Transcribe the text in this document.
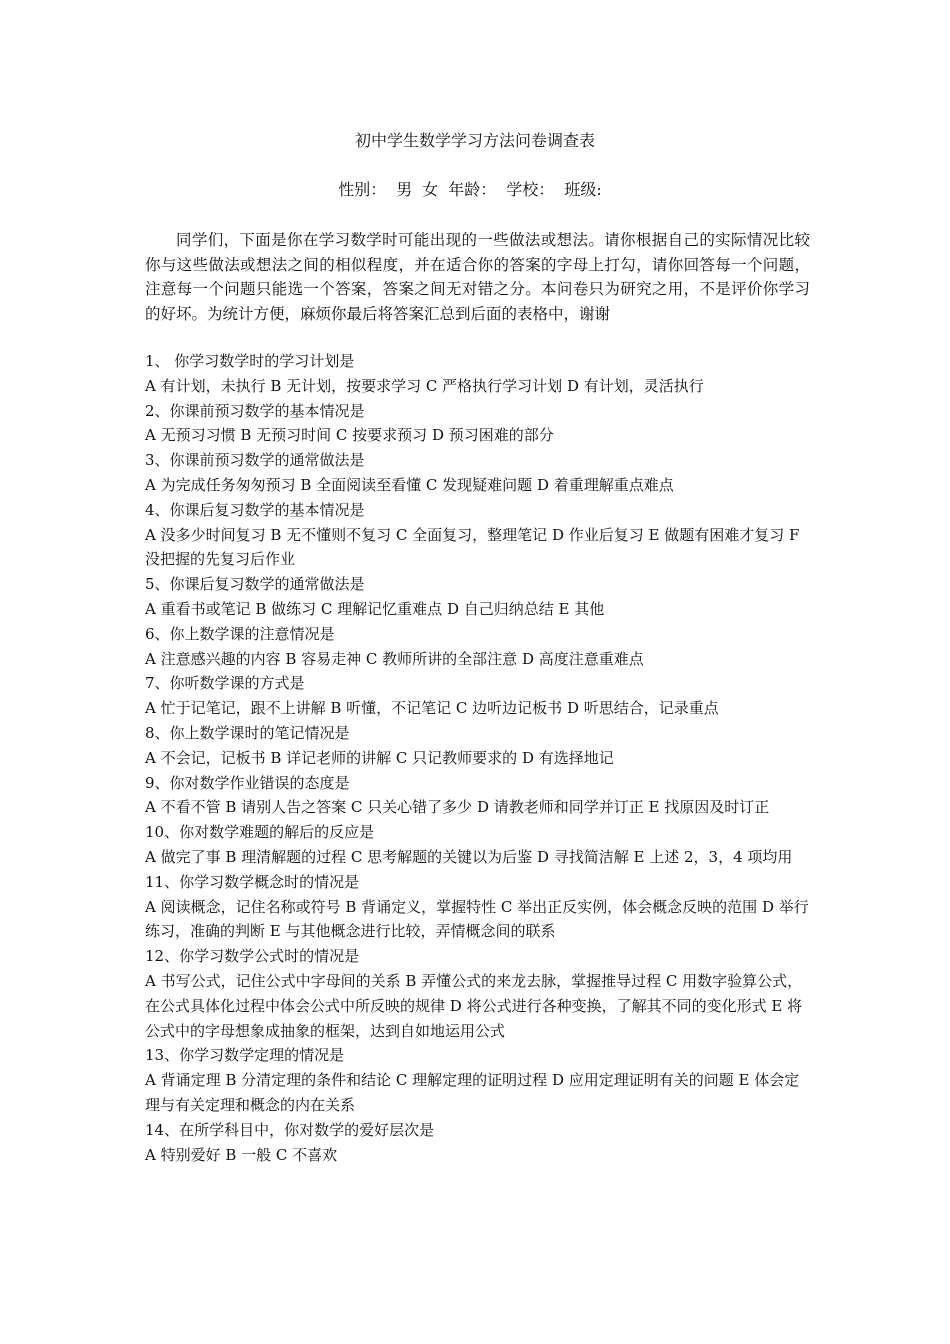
初中学生数学学习方法问卷调查表
性别： 男 女 年龄： 学校： 班级:
同学们，下面是你在学习数学时可能出现的一些做法或想法。请你根据自己的实际情况比较你与这些做法或想法之间的相似程度，并在适合你的答案的字母上打勾，请你回答每一个问题，注意每一个问题只能选一个答案，答案之间无对错之分。本问卷只为研究之用，不是评价你学习的好坏。为统计方便，麻烦你最后将答案汇总到后面的表格中，谢谢

1、 你学习数学时的学习计划是

A 有计划，未执行 B 无计划，按要求学习 C 严格执行学习计划 D 有计划，灵活执行

2、你课前预习数学的基本情况是

A 无预习习惯 B 无预习时间 C 按要求预习 D 预习困难的部分

3、你课前预习数学的通常做法是

A 为完成任务匆匆预习 B 全面阅读至看懂 C 发现疑难问题 D 着重理解重点难点

4、你课后复习数学的基本情况是

A 没多少时间复习 B 无不懂则不复习 C 全面复习，整理笔记 D 作业后复习 E 做题有困难才复习 F 没把握的先复习后作业

5、你课后复习数学的通常做法是

A 重看书或笔记 B 做练习 C 理解记忆重难点 D 自己归纳总结 E 其他

6、你上数学课的注意情况是

A 注意感兴趣的内容 B 容易走神 C 教师所讲的全部注意 D 高度注意重难点

7、你听数学课的方式是

A 忙于记笔记，跟不上讲解 B 听懂，不记笔记 C 边听边记板书 D 听思结合，记录重点

8、你上数学课时的笔记情况是

A 不会记，记板书 B 详记老师的讲解 C 只记教师要求的 D 有选择地记

9、你对数学作业错误的态度是

A 不看不管 B 请别人告之答案 C 只关心错了多少 D 请教老师和同学并订正 E 找原因及时订正

10、你对数学难题的解后的反应是

A 做完了事 B 理清解题的过程 C 思考解题的关键以为后鉴 D 寻找简洁解 E 上述 2，3，4 项均用

11、你学习数学概念时的情况是

A 阅读概念，记住名称或符号 B 背诵定义，掌握特性 C 举出正反实例，体会概念反映的范围 D 举行练习，准确的判断 E 与其他概念进行比较，弄情概念间的联系

12、你学习数学公式时的情况是

A 书写公式，记住公式中字母间的关系 B 弄懂公式的来龙去脉，掌握推导过程 C 用数字验算公式，在公式具体化过程中体会公式中所反映的规律 D 将公式进行各种变换，了解其不同的变化形式 E 将公式中的字母想象成抽象的框架，达到自如地运用公式

13、你学习数学定理的情况是

A 背诵定理 B 分清定理的条件和结论 C 理解定理的证明过程 D 应用定理证明有关的问题 E 体会定理与有关定理和概念的内在关系

14、在所学科目中，你对数学的爱好层次是

A 特别爱好 B 一般 C 不喜欢
